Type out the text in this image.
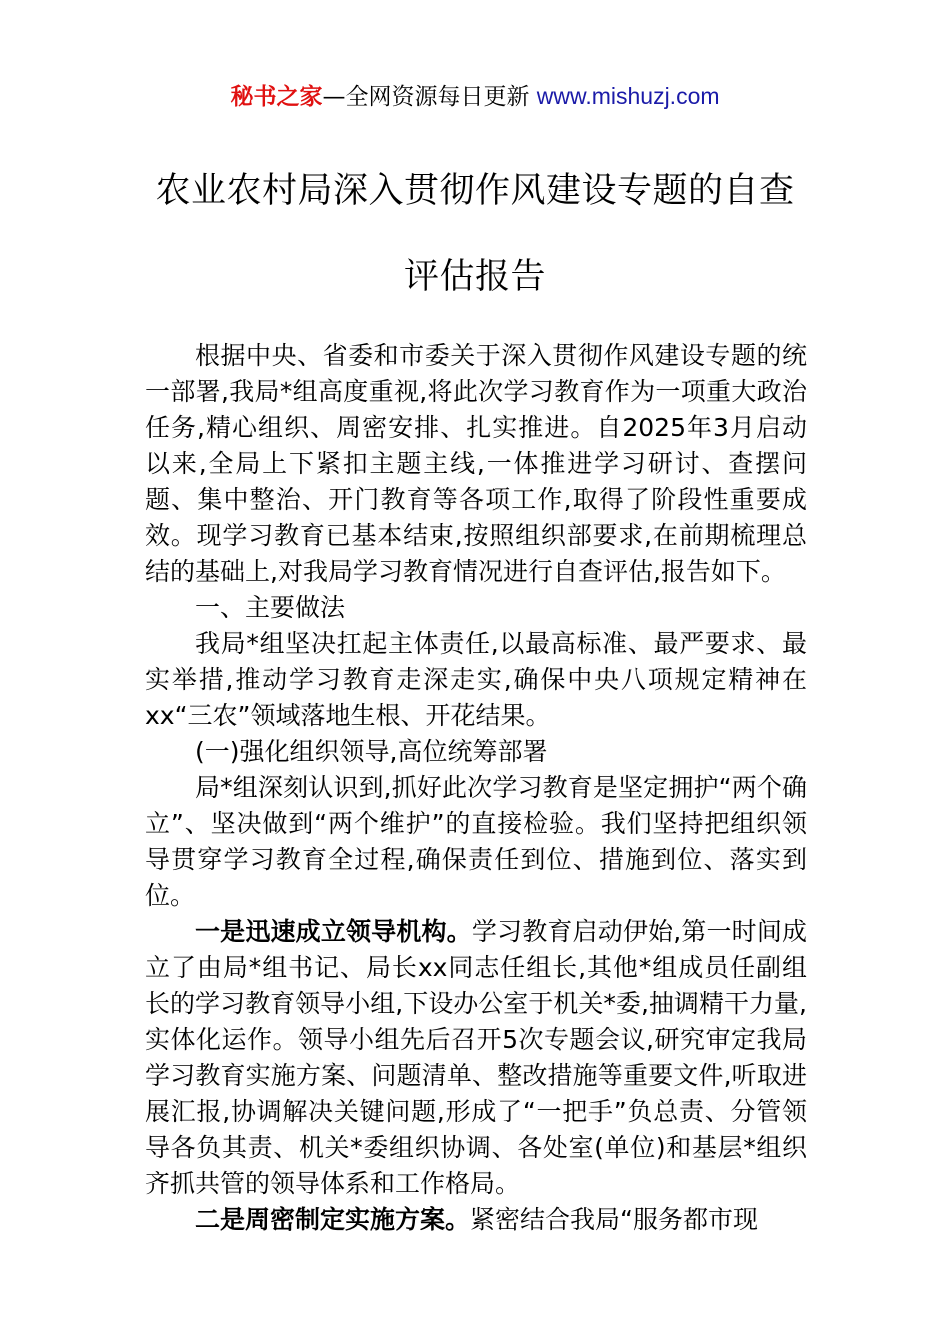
秘书之家—全网资源每日更新 www.mishuzj.com
农业农村局深入贯彻作风建设专题的自查
评估报告

根据中央、省委和市委关于深入贯彻作风建设专题的统一部署,我局*组高度重视,将此次学习教育作为一项重大政治任务,精心组织、周密安排、扎实推进。自2025年3月启动以来,全局上下紧扣主题主线,一体推进学习研讨、查摆问题、集中整治、开门教育等各项工作,取得了阶段性重要成效。现学习教育已基本结束,按照组织部要求,在前期梳理总结的基础上,对我局学习教育情况进行自查评估,报告如下。

一、主要做法

我局*组坚决扛起主体责任,以最高标准、最严要求、最实举措,推动学习教育走深走实,确保中央八项规定精神在xx“三农”领域落地生根、开花结果。

(一)强化组织领导,高位统筹部署

局*组深刻认识到,抓好此次学习教育是坚定拥护“两个确立”、坚决做到“两个维护”的直接检验。我们坚持把组织领导贯穿学习教育全过程,确保责任到位、措施到位、落实到位。

一是迅速成立领导机构。学习教育启动伊始,第一时间成立了由局*组书记、局长xx同志任组长,其他*组成员任副组长的学习教育领导小组,下设办公室于机关*委,抽调精干力量,实体化运作。领导小组先后召开5次专题会议,研究审定我局学习教育实施方案、问题清单、整改措施等重要文件,听取进展汇报,协调解决关键问题,形成了“一把手”负总责、分管领导各负其责、机关*委组织协调、各处室(单位)和基层*组织齐抓共管的领导体系和工作格局。

二是周密制定实施方案。紧密结合我局“服务都市现
